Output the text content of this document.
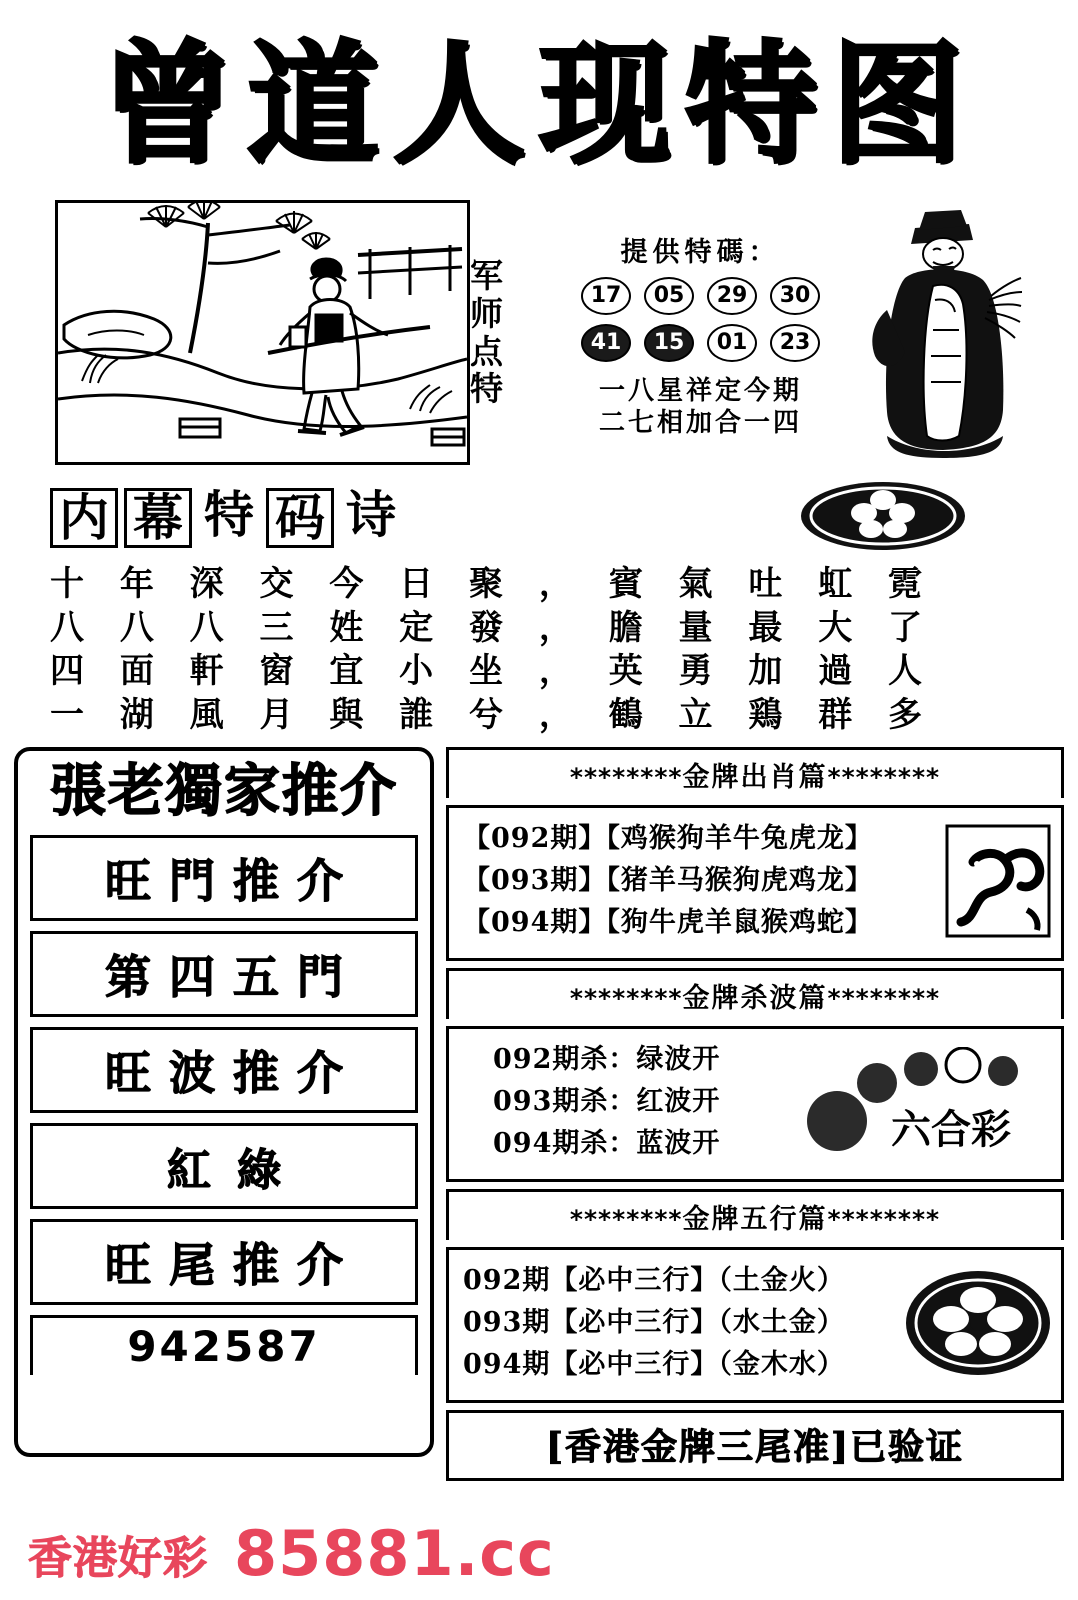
曾道人现特图
军师点特
提供特碼：
17	05	29	30
41	15	01	23
一八星祥定今期
二七相加合一四
内 幕 特 码 诗
十 年 深 交 今 日 聚 ， 賓 氣 吐 虹 霓
八 八 八 三 姓 定 發 ， 膽 量 最 大 了
四 面 軒 窗 宜 小 坐 ， 英 勇 加 過 人
一 湖 風 月 與 誰 兮 ， 鶴 立 鶏 群 多
張老獨家推介
旺門推介
第四五門
旺波推介
紅綠
旺尾推介
942587
********金牌出肖篇********
【092期】【鸡猴狗羊牛兔虎龙】
【093期】【猪羊马猴狗虎鸡龙】
【094期】【狗牛虎羊鼠猴鸡蛇】
********金牌杀波篇********
092期杀：绿波开
093期杀：红波开
094期杀：蓝波开	六合彩
********金牌五行篇********
092期【必中三行】（土金火）
093期【必中三行】（水土金）
094期【必中三行】（金木水）
[香港金牌三尾准]已验证
香港好彩 85881.cc
